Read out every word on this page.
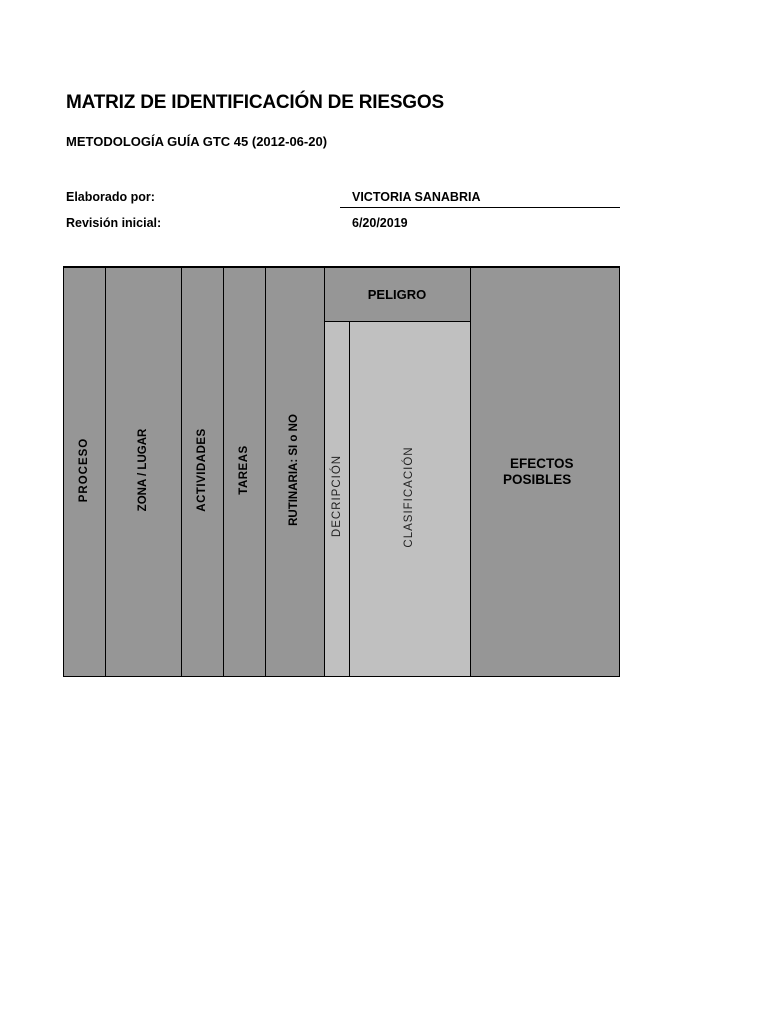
MATRIZ DE IDENTIFICACIÓN DE RIESGOS
METODOLOGÍA GUÍA GTC 45 (2012-06-20)
Elaborado por:	VICTORIA SANABRIA
Revisión inicial:	6/20/2019
PROCESO	ZONA / LUGAR	ACTIVIDADES	TAREAS	RUTINARIA: SI o NO
PELIGRO
DECRIPCIÓN	CLASIFICACIÓN	EFECTOS
POSIBLES
